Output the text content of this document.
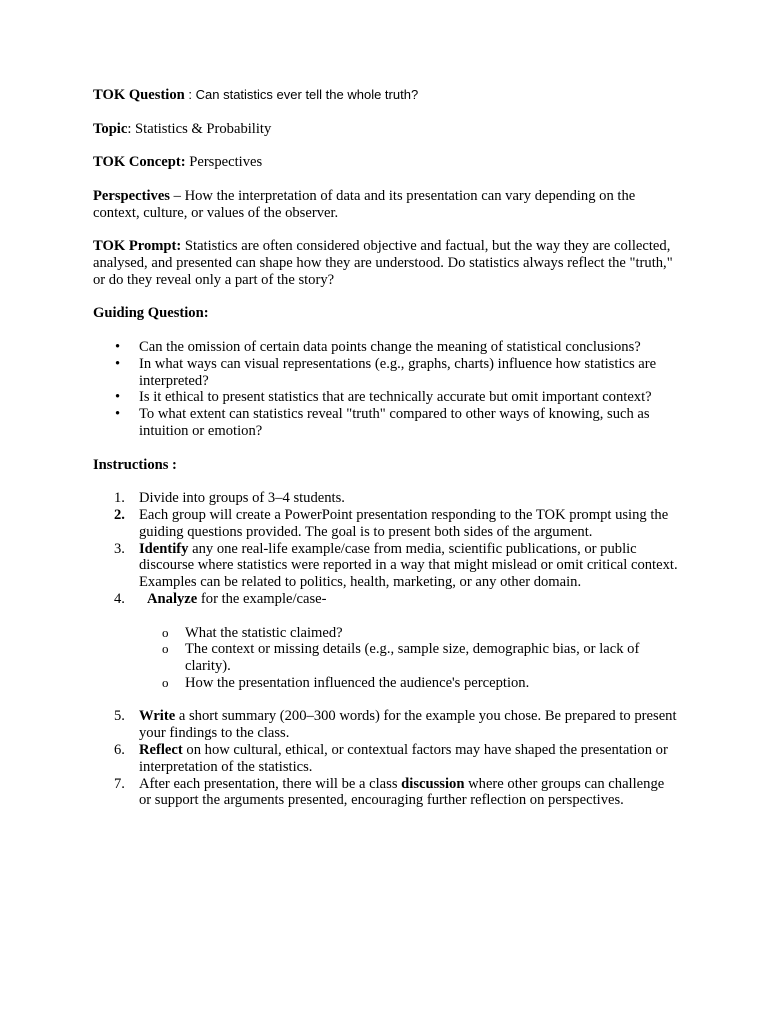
TOK Question : Can statistics ever tell the whole truth?

Topic: Statistics & Probability

TOK Concept: Perspectives

Perspectives – How the interpretation of data and its presentation can vary depending on the context, culture, or values of the observer.

TOK Prompt: Statistics are often considered objective and factual, but the way they are collected, analysed, and presented can shape how they are understood. Do statistics always reflect the "truth," or do they reveal only a part of the story?

Guiding Question:

• Can the omission of certain data points change the meaning of statistical conclusions?
• In what ways can visual representations (e.g., graphs, charts) influence how statistics are interpreted?
• Is it ethical to present statistics that are technically accurate but omit important context?
• To what extent can statistics reveal "truth" compared to other ways of knowing, such as intuition or emotion?

Instructions :

1. Divide into groups of 3–4 students.
2. Each group will create a PowerPoint presentation responding to the TOK prompt using the guiding questions provided. The goal is to present both sides of the argument.
3. Identify any one real-life example/case from media, scientific publications, or public discourse where statistics were reported in a way that might mislead or omit critical context. Examples can be related to politics, health, marketing, or any other domain.
4. Analyze for the example/case-
o What the statistic claimed?
o The context or missing details (e.g., sample size, demographic bias, or lack of clarity).
o How the presentation influenced the audience's perception.
5. Write a short summary (200–300 words) for the example you chose. Be prepared to present your findings to the class.
6. Reflect on how cultural, ethical, or contextual factors may have shaped the presentation or interpretation of the statistics.
7. After each presentation, there will be a class discussion where other groups can challenge or support the arguments presented, encouraging further reflection on perspectives.
